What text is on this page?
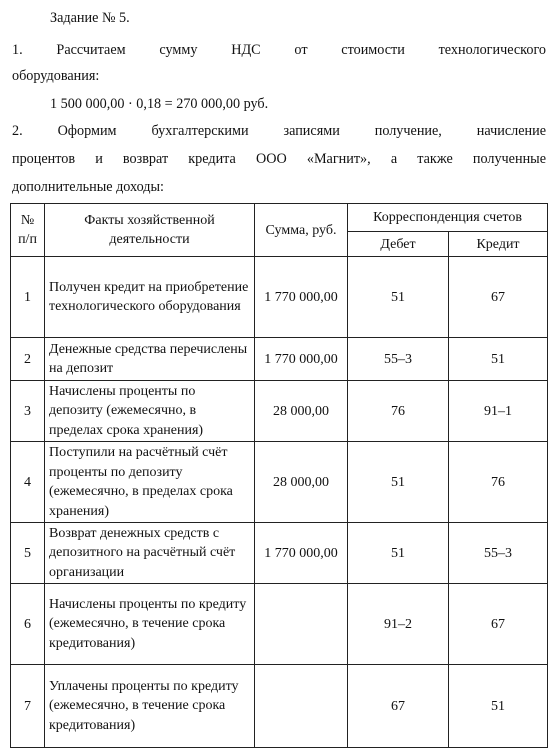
Задание № 5.
1. Рассчитаем сумму НДС от стоимости технологического
оборудования:
1 500 000,00 · 0,18 = 270 000,00 руб.
2. Оформим бухгалтерскими записями получение, начисление
процентов и возврат кредита ООО «Магнит», а также полученные
дополнительные доходы:
№ п/п	Факты хозяйственной деятельности	Сумма, руб.	Корреспонденция счетов	
			Дебет	Кредит
1	Получен кредит на приобретение технологического оборудования	1 770 000,00	51	67
2	Денежные средства перечислены на депозит	1 770 000,00	55–3	51
3	Начислены проценты по депозиту (ежемесячно, в пределах срока хранения)	28 000,00	76	91–1
4	Поступили на расчётный счёт проценты по депозиту (ежемесячно, в пределах срока хранения)	28 000,00	51	76
5	Возврат денежных средств с депозитного на расчётный счёт организации	1 770 000,00	51	55–3
6	Начислены проценты по кредиту (ежемесячно, в течение срока кредитования)		91–2	67
7	Уплачены проценты по кредиту (ежемесячно, в течение срока кредитования)		67	51
